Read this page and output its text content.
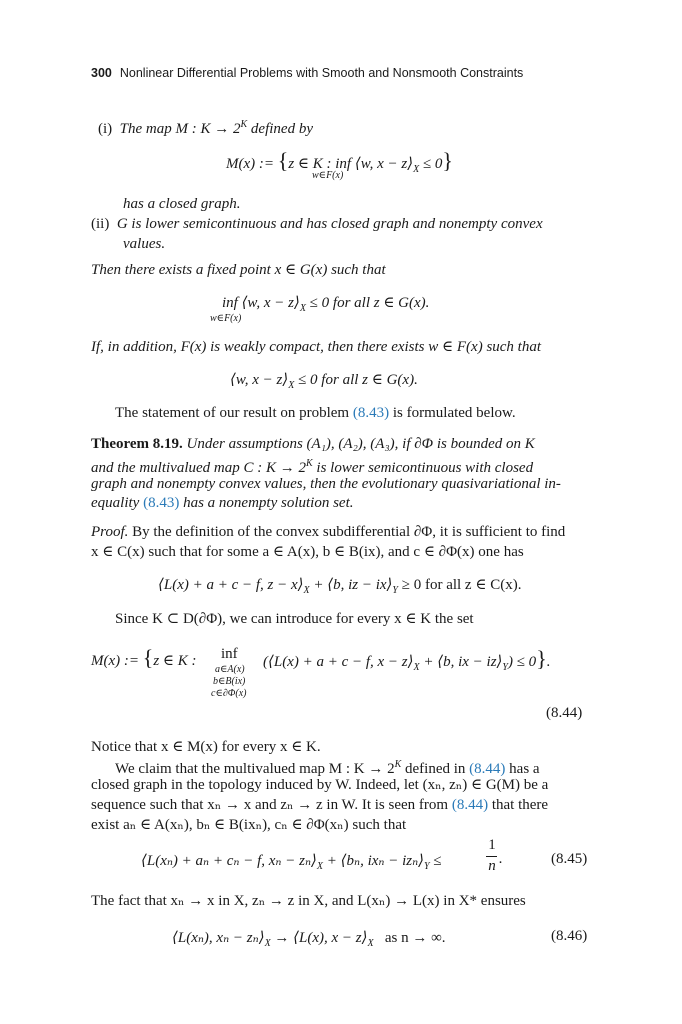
300 Nonlinear Differential Problems with Smooth and Nonsmooth Constraints
(i) The map M : $K \to 2^K$ defined by
M(x) := {z ∈ K : inf ⟨w, $x - z⟩_X \le 0$}
w∈F(x)
has a closed graph.
(ii) G is lower semicontinuous and has closed graph and nonempty convex
values.
Then there exists a fixed point x ∈ G(x) such that
inf ⟨w, $x - z⟩_X \le 0$ for all z ∈ G(x).
w∈F(x)
If, in addition, F(x) is weakly compact, then there exists w ∈ F(x) such that
⟨w, $x - z⟩_X \le 0$ for all z ∈ G(x).
The statement of our result on problem (8.43) is formulated below.
Theorem 8.19. Under assumptions (A₁), (A₂), (A₃), if ∂Φ is bounded on K
and the multivalued map C : $K \to 2^K$ is lower semicontinuous with closed
graph and nonempty convex values, then the evolutionary quasivariational in-
equality (8.43) has a nonempty solution set.
Proof. By the definition of the convex subdifferential ∂Φ, it is sufficient to find
x ∈ C(x) such that for some a ∈ A(x), b ∈ B(ix), and c ∈ ∂Φ(x) one has
⟨L(x) + a + c − f, $z - x⟩_X$ + ⟨b, iz − $ix⟩_Y \ge 0$ for all z ∈ C(x).
Since K ⊂ D(∂Φ), we can introduce for every x ∈ K the set
M(x) := {z ∈ K : inf
a∈A(x)
b∈B(ix)
c∈∂Φ(x)
(⟨L(x) + a + c − f, $x - z⟩_X$ + ⟨b, ix − $iz⟩_Y) \le 0$}.
(8.44)
Notice that x ∈ M(x) for every x ∈ K.
We claim that the multivalued map M : $K \to 2^K$ defined in (8.44) has a
closed graph in the topology induced by W. Indeed, let (xₙ, zₙ) ∈ G(M) be a
sequence such that xₙ → x and zₙ → z in W. It is seen from (8.44) that there
exist aₙ ∈ A(xₙ), bₙ ∈ B(ixₙ), cₙ ∈ ∂Φ(xₙ) such that
⟨L(xₙ) + aₙ + cₙ − f, $x_n - z_n⟩_X$ + ⟨bₙ, $ix_n - iz_n⟩_Y$ ≤
1
n .	(8.45)
The fact that xₙ → x in X, zₙ → z in X, and L(xₙ) → L(x) in X* ensures
⟨L(xₙ), $x_n - z_n⟩_X$ → ⟨L(x), $x - z⟩_X$ as n → ∞.	(8.46)
